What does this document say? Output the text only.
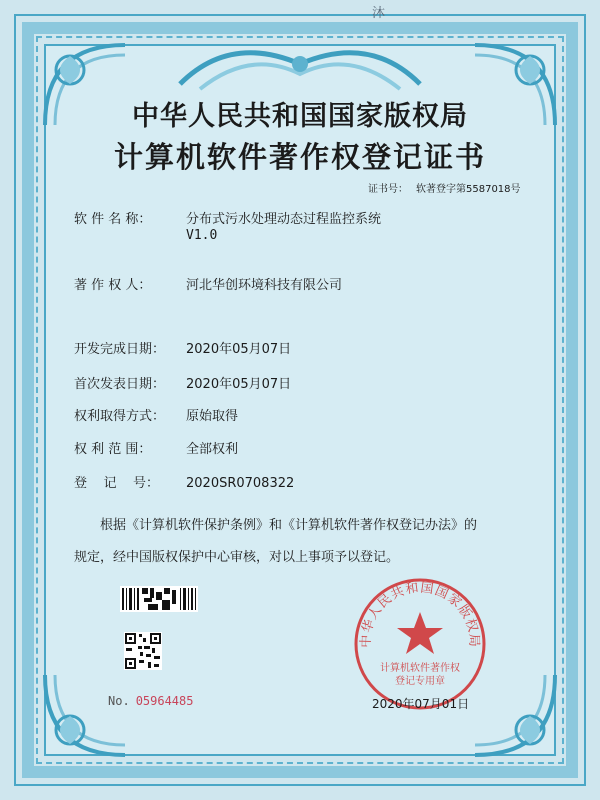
沐
中华人民共和国国家版权局
计算机软件著作权登记证书
证书号： 软著登字第5587018号
软 件 名 称：	分布式污水处理动态过程监控系统
V1.0
著 作 权 人：	河北华创环境科技有限公司
开发完成日期： 2020年05月07日
首次发表日期： 2020年05月07日
权利取得方式： 原始取得
权 利 范 围：	全部权利
登    记    号： 2020SR0708322
根据《计算机软件保护条例》和《计算机软件著作权登记办法》的
规定，经中国版权保护中心审核，对以上事项予以登记。
No. 05964485
中华人民共和国国家版权局
计算机软件著作权
登记专用章
2020年07月01日
